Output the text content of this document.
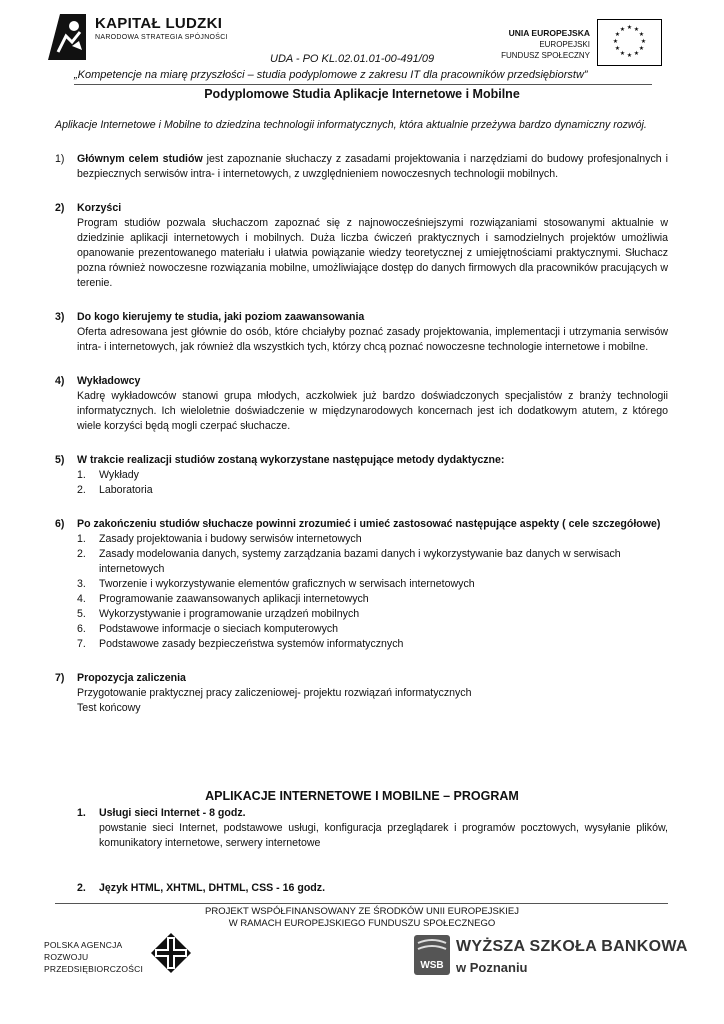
KAPITAŁ LUDZKI
NARODOWA STRATEGIA SPÓJNOŚCI	UNIA EUROPEJSKA
EUROPEJSKI
FUNDUSZ SPOŁECZNY
★ ★
★
★
★
★
★
★
★
★
★
★
UDA - PO KL.02.01.01-00-491/09
„Kompetencje na miarę przyszłości – studia podyplomowe z zakresu IT dla pracowników przedsiębiorstw”
Podyplomowe Studia Aplikacje Internetowe i Mobilne

Aplikacje Internetowe i Mobilne to dziedzina technologii informatycznych, która aktualnie przeżywa bardzo dynamiczny rozwój.

1) Głównym celem studiów jest zapoznanie słuchaczy z zasadami projektowania i narzędziami do budowy profesjonalnych i bezpiecznych serwisów intra- i internetowych, z uwzględnieniem nowoczesnych technologii mobilnych.

2) Korzyści

Program studiów pozwala słuchaczom zapoznać się z najnowocześniejszymi rozwiązaniami stosowanymi aktualnie w dziedzinie aplikacji internetowych i mobilnych. Duża liczba ćwiczeń praktycznych i samodzielnych projektów umożliwia opanowanie prezentowanego materiału i ułatwia powiązanie wiedzy teoretycznej z umiejętnościami praktycznymi. Słuchacz pozna również nowoczesne rozwiązania mobilne, umożliwiające dostęp do danych firmowych dla pracowników pracujących w terenie.

3) Do kogo kierujemy te studia, jaki poziom zaawansowania

Oferta adresowana jest głównie do osób, które chciałyby poznać zasady projektowania, implementacji i utrzymania serwisów intra- i internetowych, jak również dla wszystkich tych, którzy chcą poznać nowoczesne technologie internetowe i mobilne.

4) Wykładowcy

Kadrę wykładowców stanowi grupa młodych, aczkolwiek już bardzo doświadczonych specjalistów z branży technologii informatycznych. Ich wieloletnie doświadczenie w międzynarodowych koncernach jest ich dodatkowym atutem, z którego wiele korzyści będą mogli czerpać słuchacze.

5) W trakcie realizacji studiów zostaną wykorzystane następujące metody dydaktyczne:
1. Wykłady
2. Laboratoria
6) Po zakończeniu studiów słuchacze powinni zrozumieć i umieć zastosować następujące aspekty ( cele szczegółowe)
1. Zasady projektowania i budowy serwisów internetowych
2. Zasady modelowania danych, systemy zarządzania bazami danych i wykorzystywanie baz danych w serwisach internetowych
3. Tworzenie i wykorzystywanie elementów graficznych w serwisach internetowych
4. Programowanie zaawansowanych aplikacji internetowych
5. Wykorzystywanie i programowanie urządzeń mobilnych
6. Podstawowe informacje o sieciach komputerowych
7. Podstawowe zasady bezpieczeństwa systemów informatycznych
7) Propozycja zaliczenia
Przygotowanie praktycznej pracy zaliczeniowej- projektu rozwiązań informatycznych
Test końcowy
APLIKACJE INTERNETOWE I MOBILNE – PROGRAM
1. Usługi sieci Internet - 8 godz.

powstanie sieci Internet, podstawowe usługi, konfiguracja przeglądarek i programów pocztowych, wysyłanie plików, komunikatory internetowe, serwery internetowe

2. Język HTML, XHTML, DHTML, CSS - 16 godz.
PROJEKT WSPÓŁFINANSOWANY ZE ŚRODKÓW UNII EUROPEJSKIEJ
W RAMACH EUROPEJSKIEGO FUNDUSZU SPOŁECZNEGO
POLSKA AGENCJA
ROZWOJU
PRZEDSIĘBIORCZOŚCI	WSB
WYŻSZA SZKOŁA BANKOWA
w Poznaniu
